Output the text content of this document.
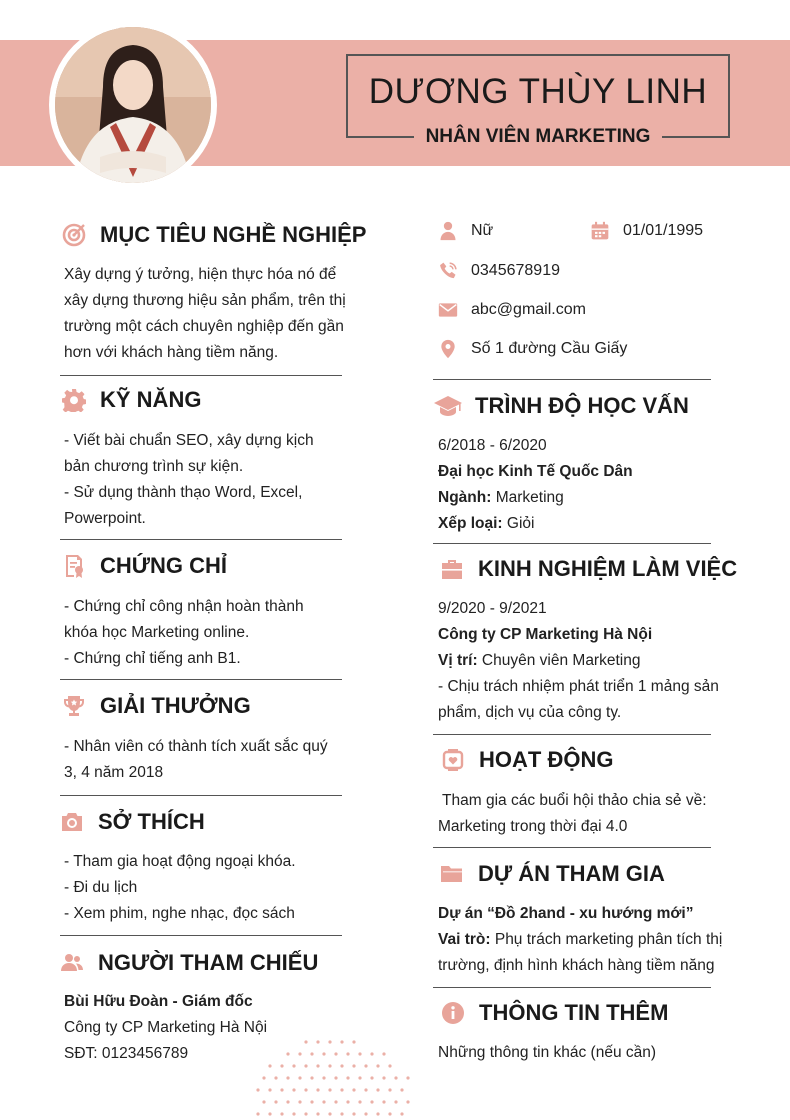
DƯƠNG THÙY LINH
NHÂN VIÊN MARKETING
MỤC TIÊU NGHỀ NGHIỆP
Xây dựng ý tưởng, hiện thực hóa nó để
xây dựng thương hiệu sản phẩm, trên thị
trường một cách chuyên nghiệp đến gần
hơn với khách hàng tiềm năng.
KỸ NĂNG
- Viết bài chuẩn SEO, xây dựng kịch
bản chương trình sự kiện.
- Sử dụng thành thạo Word, Excel,
Powerpoint.
CHỨNG CHỈ
- Chứng chỉ công nhận hoàn thành
khóa học Marketing online.
- Chứng chỉ tiếng anh B1.
GIẢI THƯỞNG
- Nhân viên có thành tích xuất sắc quý
3, 4 năm 2018
SỞ THÍCH
- Tham gia hoạt động ngoại khóa.
- Đi du lịch
- Xem phim, nghe nhạc, đọc sách
NGƯỜI THAM CHIẾU
Bùi Hữu Đoàn - Giám đốc
Công ty CP Marketing Hà Nội
SĐT: 0123456789
Nữ	01/01/1995
0345678919
abc@gmail.com
Số 1 đường Cầu Giấy
TRÌNH ĐỘ HỌC VẤN
6/2018 - 6/2020
Đại học Kinh Tế Quốc Dân
Ngành: Marketing
Xếp loại: Giỏi
KINH NGHIỆM LÀM VIỆC
9/2020 - 9/2021
Công ty CP Marketing Hà Nội
Vị trí: Chuyên viên Marketing
- Chịu trách nhiệm phát triển 1 mảng sản
phẩm, dịch vụ của công ty.
HOẠT ĐỘNG
Tham gia các buổi hội thảo chia sẻ về:
Marketing trong thời đại 4.0
DỰ ÁN THAM GIA
Dự án “Đồ 2hand - xu hướng mới”
Vai trò: Phụ trách marketing phân tích thị
trường, định hình khách hàng tiềm năng
THÔNG TIN THÊM
Những thông tin khác (nếu cần)
